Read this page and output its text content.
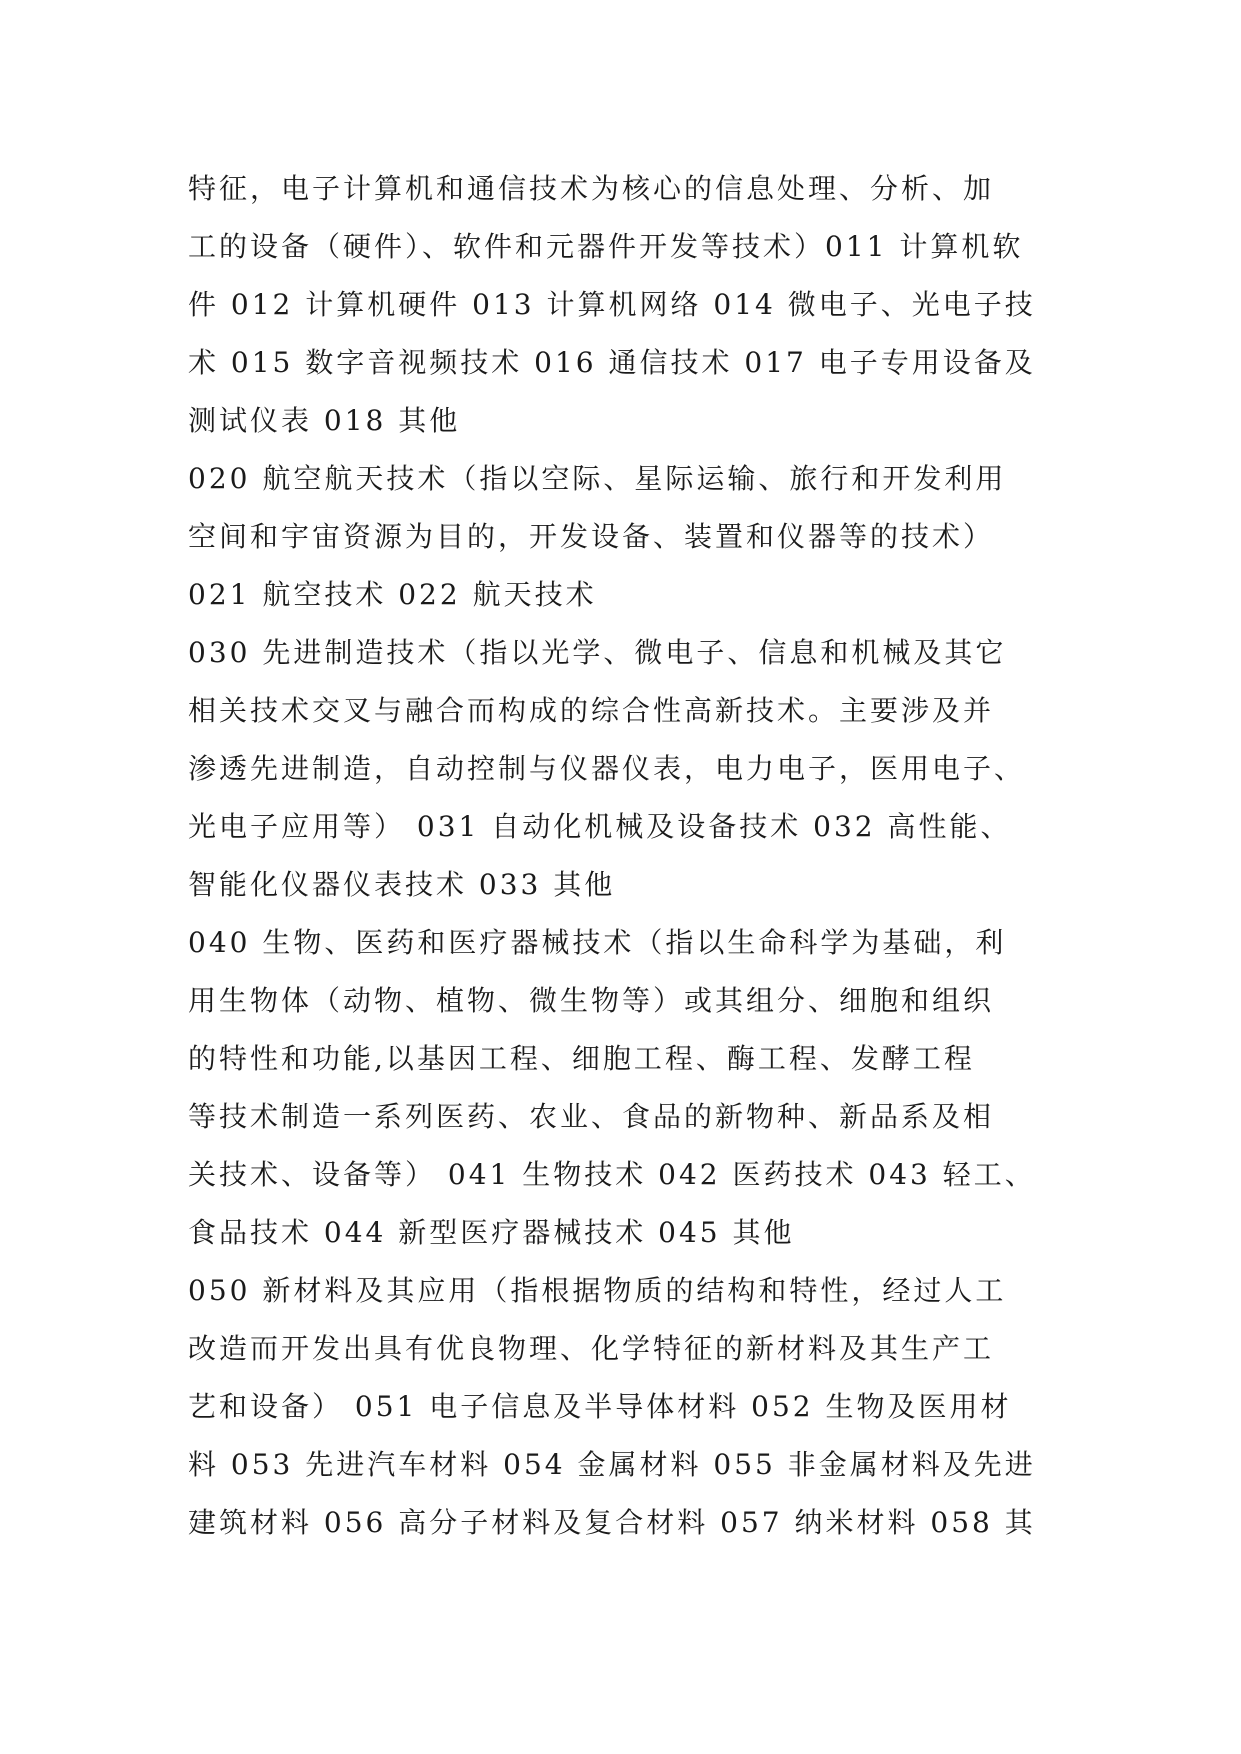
特征，电子计算机和通信技术为核心的信息处理、分析、加
工的设备（硬件）、软件和元器件开发等技术）011 计算机软
件 012 计算机硬件 013 计算机网络 014 微电子、光电子技
术 015 数字音视频技术 016 通信技术 017 电子专用设备及
测试仪表 018 其他
020 航空航天技术（指以空际、星际运输、旅行和开发利用
空间和宇宙资源为目的，开发设备、装置和仪器等的技术）
021 航空技术 022 航天技术
030 先进制造技术（指以光学、微电子、信息和机械及其它
相关技术交叉与融合而构成的综合性高新技术。主要涉及并
渗透先进制造，自动控制与仪器仪表，电力电子，医用电子、
光电子应用等） 031 自动化机械及设备技术 032 高性能、
智能化仪器仪表技术 033 其他
040 生物、医药和医疗器械技术（指以生命科学为基础，利
用生物体（动物、植物、微生物等）或其组分、细胞和组织
的特性和功能,以基因工程、细胞工程、酶工程、发酵工程
等技术制造一系列医药、农业、食品的新物种、新品系及相
关技术、设备等） 041 生物技术 042 医药技术 043 轻工、
食品技术 044 新型医疗器械技术 045 其他
050 新材料及其应用（指根据物质的结构和特性，经过人工
改造而开发出具有优良物理、化学特征的新材料及其生产工
艺和设备） 051 电子信息及半导体材料 052 生物及医用材
料 053 先进汽车材料 054 金属材料 055 非金属材料及先进
建筑材料 056 高分子材料及复合材料 057 纳米材料 058 其
